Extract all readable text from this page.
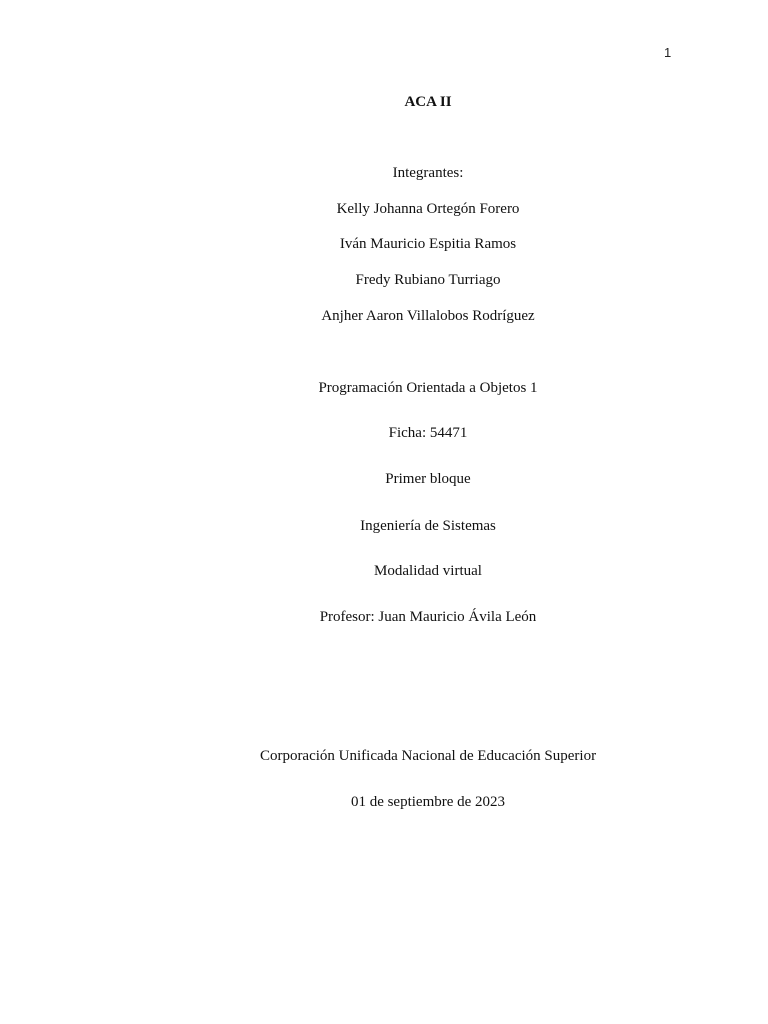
1
ACA II
Integrantes:
Kelly Johanna Ortegón Forero
Iván Mauricio Espitia Ramos
Fredy Rubiano Turriago
Anjher Aaron Villalobos Rodríguez
Programación Orientada a Objetos 1
Ficha: 54471
Primer bloque
Ingeniería de Sistemas
Modalidad virtual
Profesor: Juan Mauricio Ávila León
Corporación Unificada Nacional de Educación Superior
01 de septiembre de 2023
